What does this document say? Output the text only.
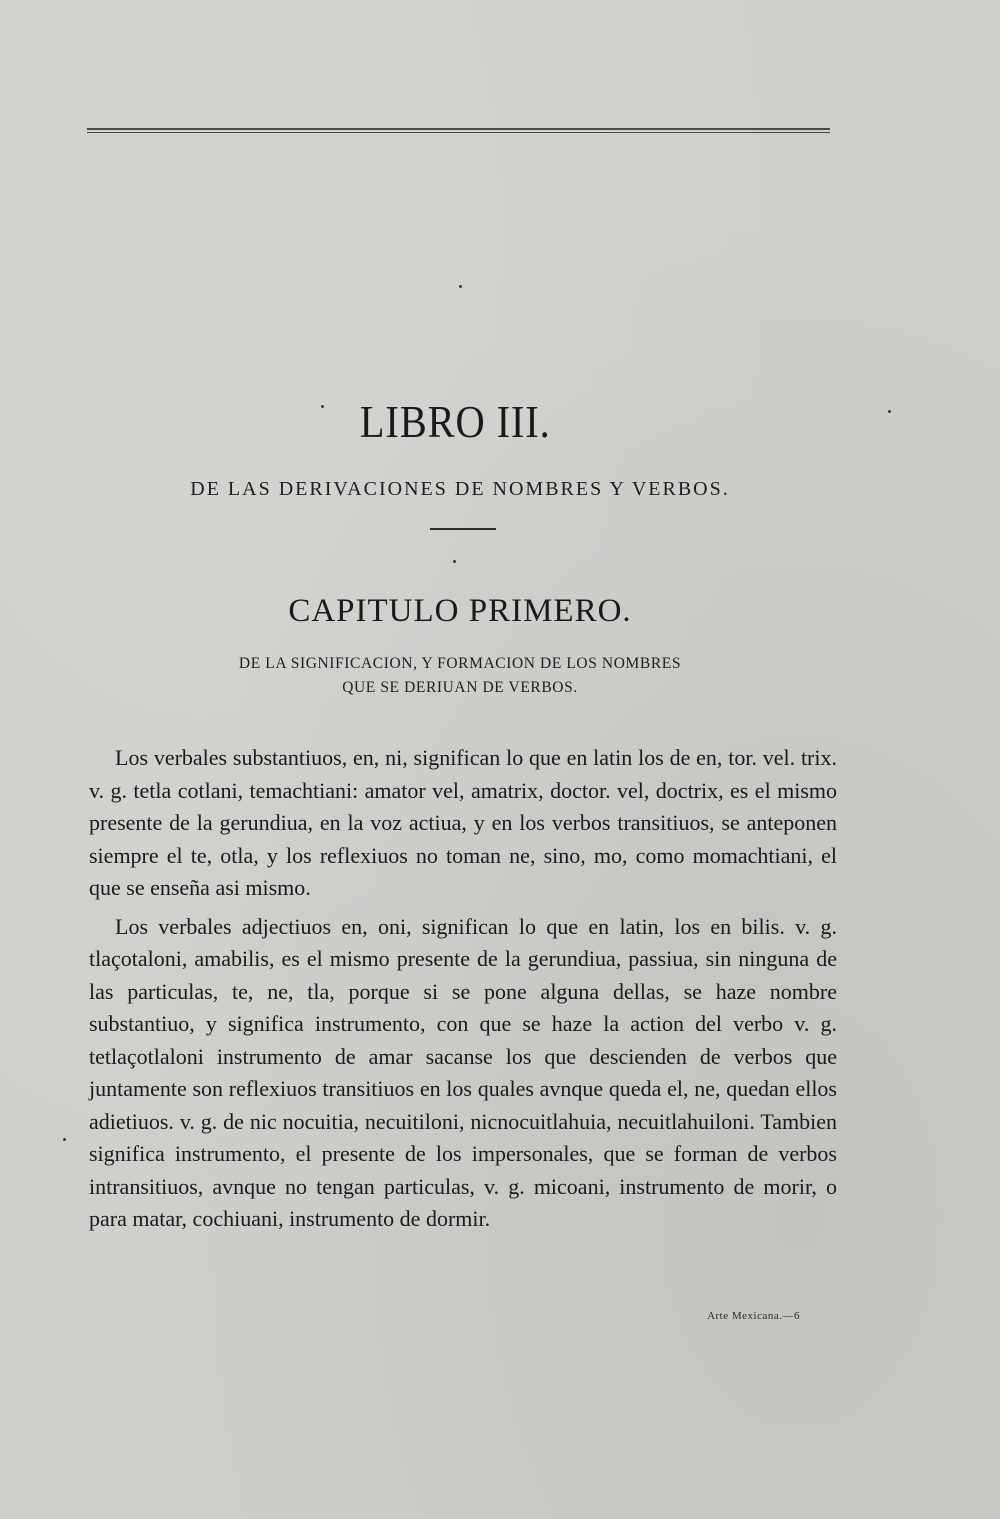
LIBRO III.
DE LAS DERIVACIONES DE NOMBRES Y VERBOS.
CAPITULO PRIMERO.
DE LA SIGNIFICACION, Y FORMACION DE LOS NOMBRES
QUE SE DERIUAN DE VERBOS.

Los verbales substantiuos, en, ni, significan lo que en latin los de en, tor. vel. trix. v. g. tetla cotlani, temachtiani: amator vel, amatrix, doctor. vel, doctrix, es el mismo presente de la gerundiua, en la voz actiua, y en los verbos transitiuos, se anteponen siempre el te, otla, y los reflexiuos no toman ne, sino, mo, como momachtiani, el que se enseña asi mismo.

Los verbales adjectiuos en, oni, significan lo que en latin, los en bilis. v. g. tlaçotaloni, amabilis, es el mismo presente de la gerundiua, passiua, sin ninguna de las particulas, te, ne, tla, porque si se pone alguna dellas, se haze nombre substantiuo, y significa instrumento, con que se haze la action del verbo v. g. tetlaçotlaloni instrumento de amar sacanse los que descienden de verbos que juntamente son reflexiuos transitiuos en los quales avnque queda el, ne, quedan ellos adietiuos. v. g. de nic nocuitia, necuitiloni, nicnocuitlahuia, necuitlahuiloni. Tambien significa instrumento, el presente de los impersonales, que se forman de verbos intransitiuos, avnque no tengan particulas, v. g. micoani, instrumento de morir, o para matar, cochiuani, instrumento de dormir.

Arte Mexicana.—6
